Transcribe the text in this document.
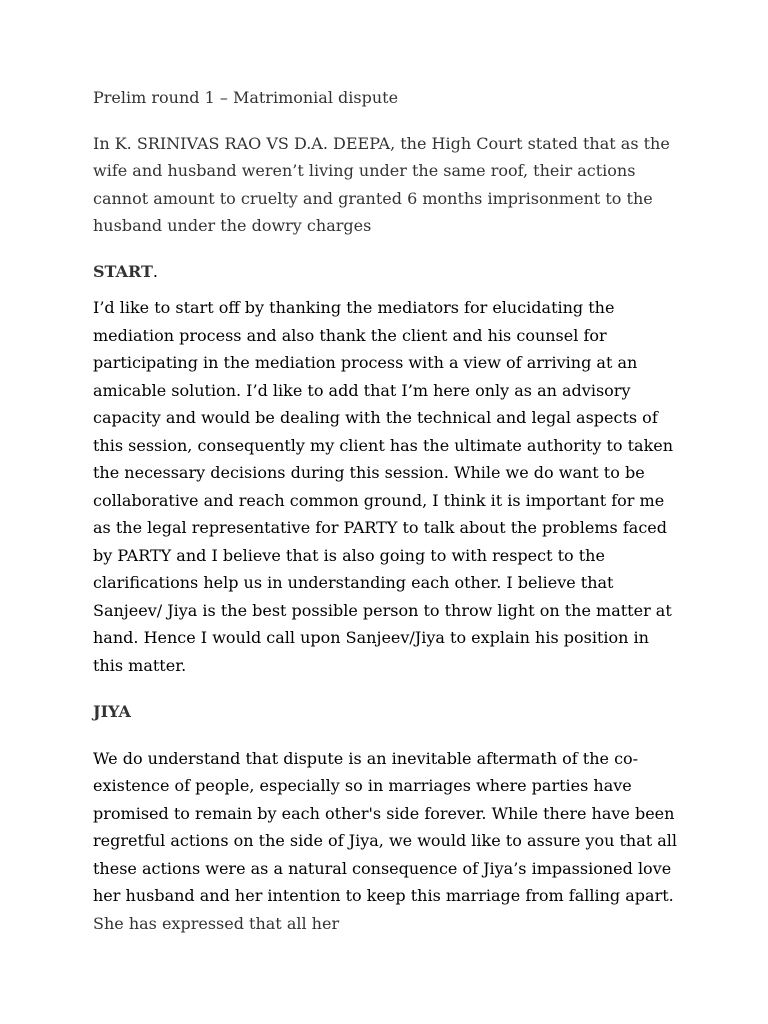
Prelim round 1 – Matrimonial dispute

In K. SRINIVAS RAO VS D.A. DEEPA, the High Court stated that as the wife and husband weren’t living under the same roof, their actions cannot amount to cruelty and granted 6 months imprisonment to the husband under the dowry charges

START.

I’d like to start off by thanking the mediators for elucidating the mediation process and also thank the client and his counsel for participating in the mediation process with a view of arriving at an amicable solution. I’d like to add that I’m here only as an advisory capacity and would be dealing with the technical and legal aspects of this session, consequently my client has the ultimate authority to taken the necessary decisions during this session. While we do want to be collaborative and reach common ground, I think it is important for me as the legal representative for PARTY to talk about the problems faced by PARTY and I believe that is also going to with respect to the clarifications help us in understanding each other. I believe that Sanjeev/ Jiya is the best possible person to throw light on the matter at hand. Hence I would call upon Sanjeev/Jiya to explain his position in this matter.

JIYA

We do understand that dispute is an inevitable aftermath of the co-existence of people, especially so in marriages where parties have promised to remain by each other's side forever. While there have been regretful actions on the side of Jiya, we would like to assure you that all these actions were as a natural consequence of Jiya’s impassioned love her husband and her intention to keep this marriage from falling apart. She has expressed that all her
